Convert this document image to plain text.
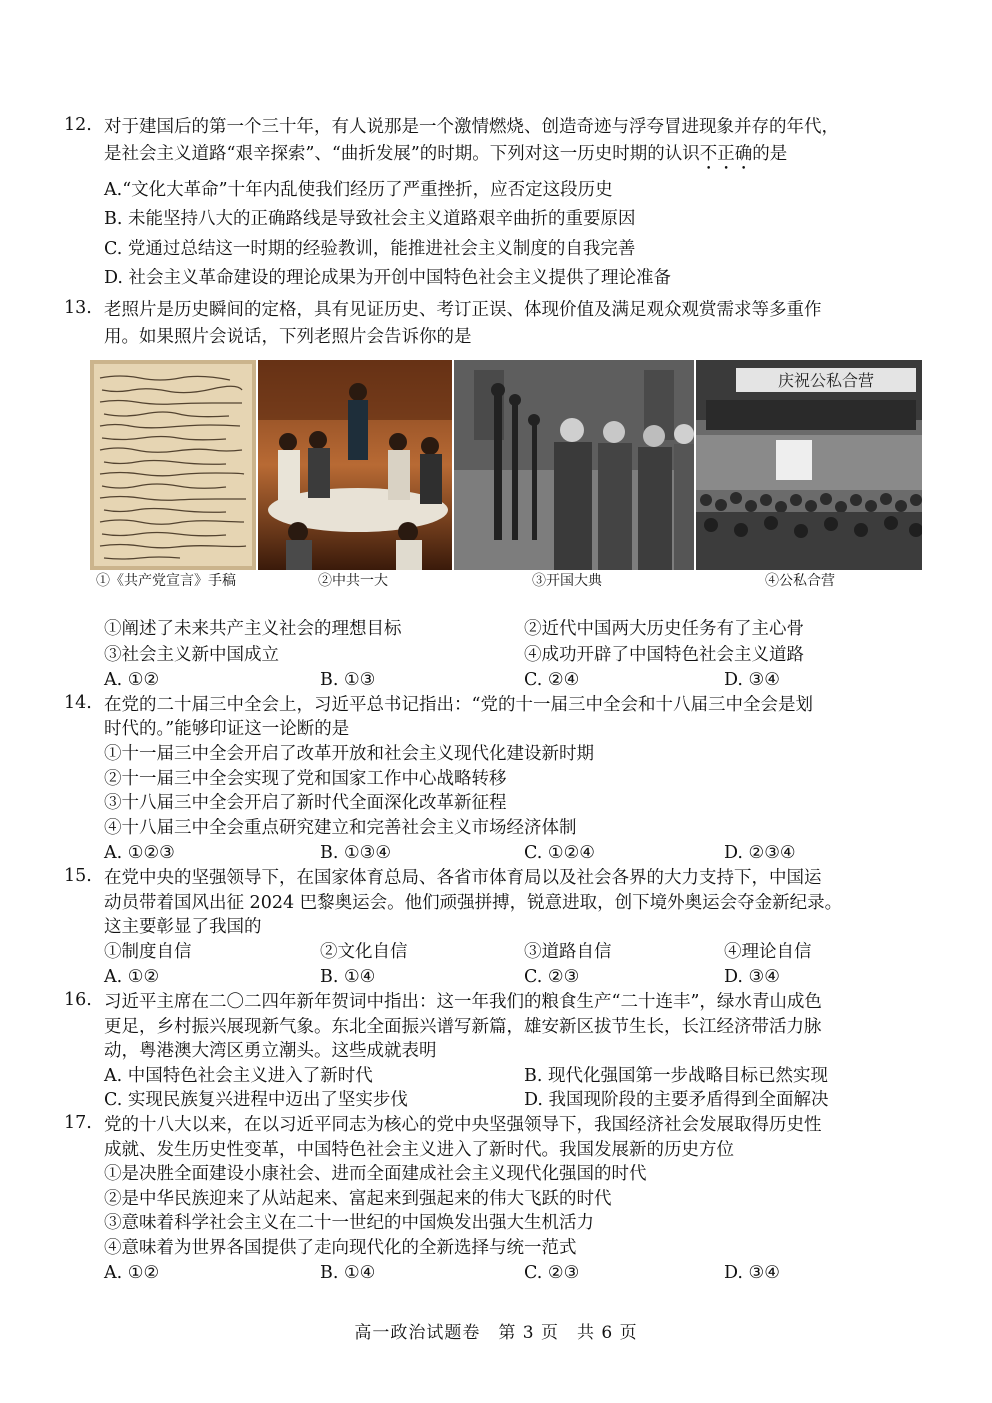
12. 对于建国后的第一个三十年，有人说那是一个激情燃烧、创造奇迹与浮夸冒进现象并存的年代，
是社会主义道路“艰辛探索”、“曲折发展”的时期。下列对这一历史时期的认识不正确的是
A.“文化大革命”十年内乱使我们经历了严重挫折，应否定这段历史
B. 未能坚持八大的正确路线是导致社会主义道路艰辛曲折的重要原因
C. 党通过总结这一时期的经验教训，能推进社会主义制度的自我完善
D. 社会主义革命建设的理论成果为开创中国特色社会主义提供了理论准备
13. 老照片是历史瞬间的定格，具有见证历史、考订正误、体现价值及满足观众观赏需求等多重作
用。如果照片会说话，下列老照片会告诉你的是
庆祝公私合营
①《共产党宣言》手稿	②中共一大	③开国大典	④公私合营
①阐述了未来共产主义社会的理想目标	②近代中国两大历史任务有了主心骨
③社会主义新中国成立	④成功开辟了中国特色社会主义道路
A. ①②	B. ①③	C. ②④	D. ③④
14. 在党的二十届三中全会上，习近平总书记指出：“党的十一届三中全会和十八届三中全会是划
时代的。”能够印证这一论断的是
①十一届三中全会开启了改革开放和社会主义现代化建设新时期
②十一届三中全会实现了党和国家工作中心战略转移
③十八届三中全会开启了新时代全面深化改革新征程
④十八届三中全会重点研究建立和完善社会主义市场经济体制
A. ①②③	B. ①③④	C. ①②④	D. ②③④
15. 在党中央的坚强领导下，在国家体育总局、各省市体育局以及社会各界的大力支持下，中国运
动员带着国风出征 2024 巴黎奥运会。他们顽强拼搏，锐意进取，创下境外奥运会夺金新纪录。
这主要彰显了我国的
①制度自信	②文化自信	③道路自信	④理论自信
A. ①②	B. ①④	C. ②③	D. ③④
16. 习近平主席在二〇二四年新年贺词中指出：这一年我们的粮食生产“二十连丰”，绿水青山成色
更足，乡村振兴展现新气象。东北全面振兴谱写新篇，雄安新区拔节生长，长江经济带活力脉
动，粤港澳大湾区勇立潮头。这些成就表明
A. 中国特色社会主义进入了新时代	B. 现代化强国第一步战略目标已然实现
C. 实现民族复兴进程中迈出了坚实步伐	D. 我国现阶段的主要矛盾得到全面解决
17. 党的十八大以来，在以习近平同志为核心的党中央坚强领导下，我国经济社会发展取得历史性
成就、发生历史性变革，中国特色社会主义进入了新时代。我国发展新的历史方位
①是决胜全面建设小康社会、进而全面建成社会主义现代化强国的时代
②是中华民族迎来了从站起来、富起来到强起来的伟大飞跃的时代
③意味着科学社会主义在二十一世纪的中国焕发出强大生机活力
④意味着为世界各国提供了走向现代化的全新选择与统一范式
A. ①②	B. ①④	C. ②③	D. ③④
高一政治试题卷　第 3 页　共 6 页
